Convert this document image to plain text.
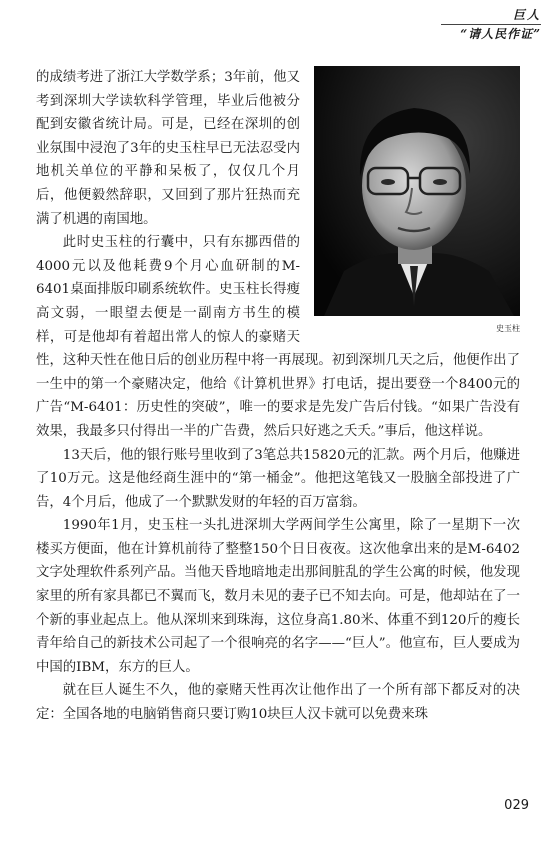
巨人
“请人民作证”
史玉柱

的成绩考进了浙江大学数学系；3年前，他又考到深圳大学读软科学管理，毕业后他被分配到安徽省统计局。可是，已经在深圳的创业氛围中浸泡了3年的史玉柱早已无法忍受内地机关单位的平静和呆板了，仅仅几个月后，他便毅然辞职，又回到了那片狂热而充满了机遇的南国地。

此时史玉柱的行囊中，只有东挪西借的4000元以及他耗费9个月心血研制的M-6401桌面排版印刷系统软件。史玉柱长得瘦高文弱，一眼望去便是一副南方书生的模样，可是他却有着超出常人的惊人的豪赌天性，这种天性在他日后的创业历程中将一再展现。初到深圳几天之后，他便作出了一生中的第一个豪赌决定，他给《计算机世界》打电话，提出要登一个8400元的广告“M-6401：历史性的突破”，唯一的要求是先发广告后付钱。“如果广告没有效果，我最多只付得出一半的广告费，然后只好逃之夭夭。”事后，他这样说。

13天后，他的银行账号里收到了3笔总共15820元的汇款。两个月后，他赚进了10万元。这是他经商生涯中的“第一桶金”。他把这笔钱又一股脑全部投进了广告，4个月后，他成了一个默默发财的年轻的百万富翁。

1990年1月，史玉柱一头扎进深圳大学两间学生公寓里，除了一星期下一次楼买方便面，他在计算机前待了整整150个日日夜夜。这次他拿出来的是M-6402文字处理软件系列产品。当他天昏地暗地走出那间脏乱的学生公寓的时候，他发现家里的所有家具都已不翼而飞，数月未见的妻子已不知去向。可是，他却站在了一个新的事业起点上。他从深圳来到珠海，这位身高1.80米、体重不到120斤的瘦长青年给自己的新技术公司起了一个很响亮的名字——“巨人”。他宣布，巨人要成为中国的IBM，东方的巨人。

就在巨人诞生不久，他的豪赌天性再次让他作出了一个所有部下都反对的决定：全国各地的电脑销售商只要订购10块巨人汉卡就可以免费来珠

029
